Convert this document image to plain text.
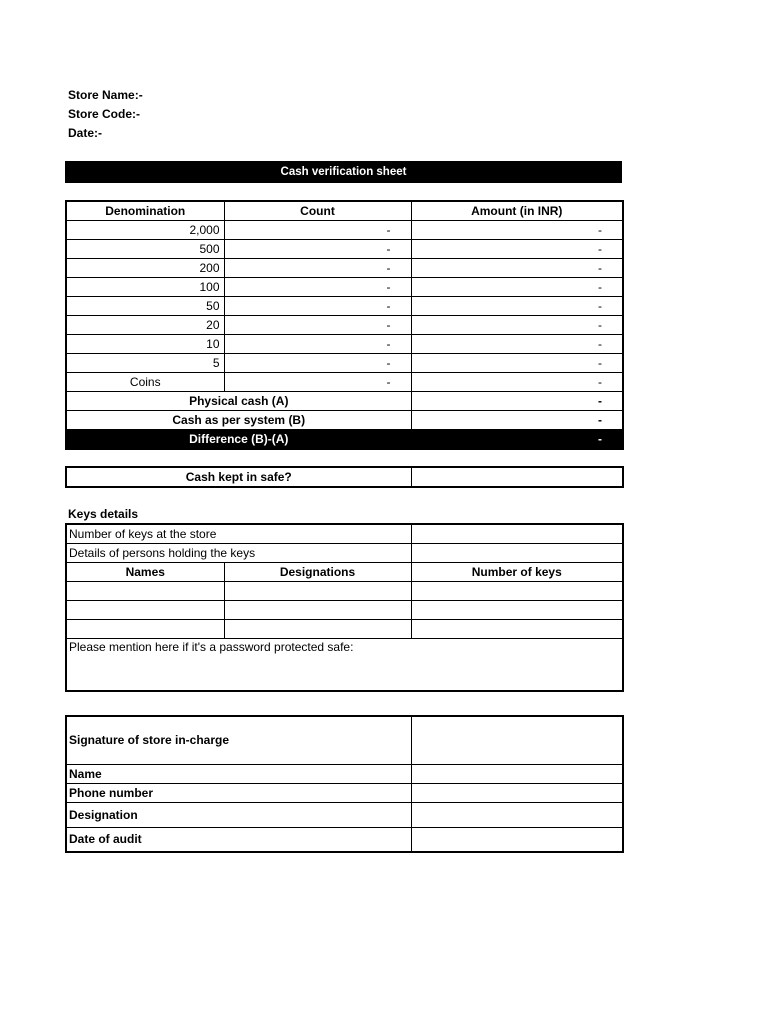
Store Name:-
Store Code:-
Date:-
Cash verification sheet
Denomination	Count	Amount (in INR)
2,000	-	-
500	-	-
200	-	-
100	-	-
50	-	-
20	-	-
10	-	-
5	-	-
Coins	-	-
Physical cash (A)		-
Cash as per system (B)		-
Difference (B)-(A)		-
Cash kept in safe?	
Keys details
Number of keys at the store		
Details of persons holding the keys		
Names	Designations	Number of keys

Please mention here if it's a password protected safe:		
Signature of store in-charge	
Name	
Phone number	
Designation	
Date of audit	
